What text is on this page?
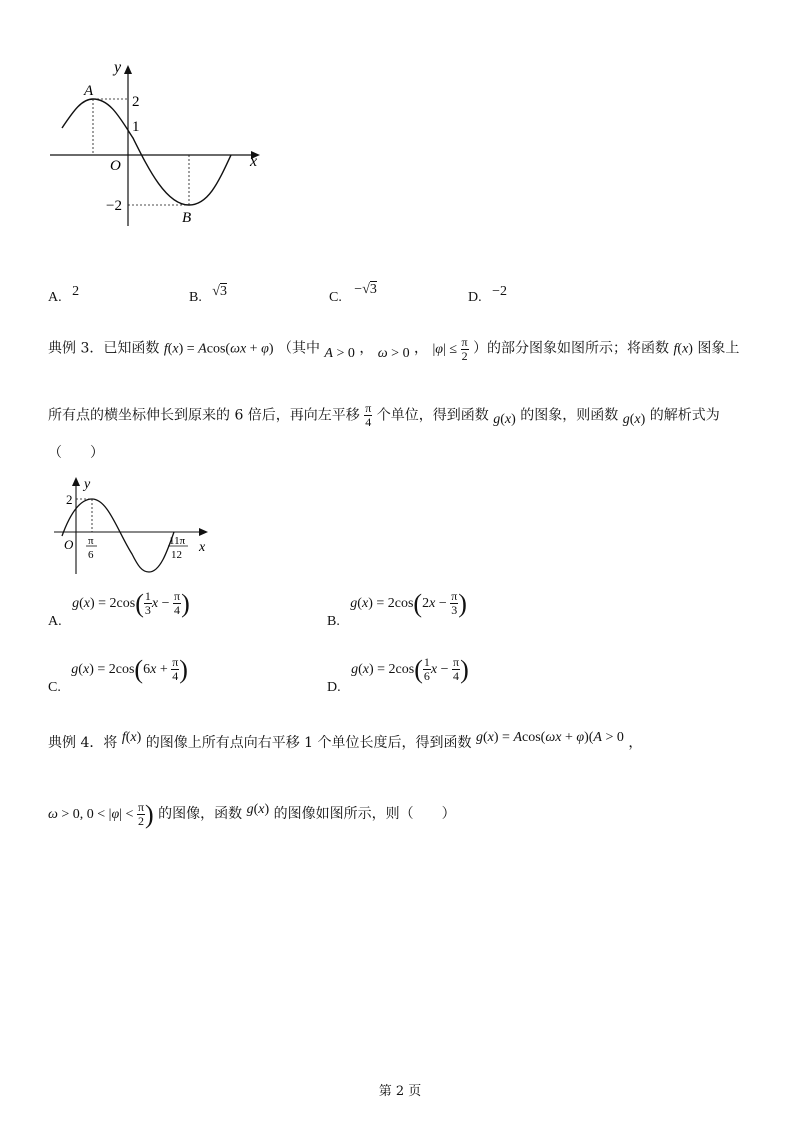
y
x
O
A
B
2
1
−2
A. 2	B. √3	C. −√3
D. −2
典例 3．已知函数 f(x) = Acos(ωx + φ) （其中 A > 0 ， ω > 0 ， $|\varphi| \le \frac{\pi}{2}$ ）的部分图象如图所示；将函数 f(x) 图象上
所有点的横坐标伸长到原来的 6 倍后，再向左平移 $\frac{\pi}{4}$ 个单位，得到函数 g(x) 的图象，则函数 g(x) 的解析式为
（　　）
y
x
O
2
π
6
11π
12
A. $g(x) = 2\cos( \frac{1}{3}$ $x - \frac{\pi}{4}$ )
B. $g(x) = 2\cos(2x - \frac{\pi}{3}$ )
C. $g(x) = 2\cos(6x + \frac{\pi}{4}$ )
D. $g(x) = 2\cos( \frac{1}{6}$ $x - \frac{\pi}{4}$ )
典例 4．将 f(x) 的图像上所有点向右平移 1 个单位长度后，得到函数 g(x) = Acos(ωx + φ)(A > 0 ，
ω > 0, $0 < |\varphi| < \frac{\pi}{2}$ ) 的图像，函数 g(x) 的图像如图所示，则（　　）
第 2 页
